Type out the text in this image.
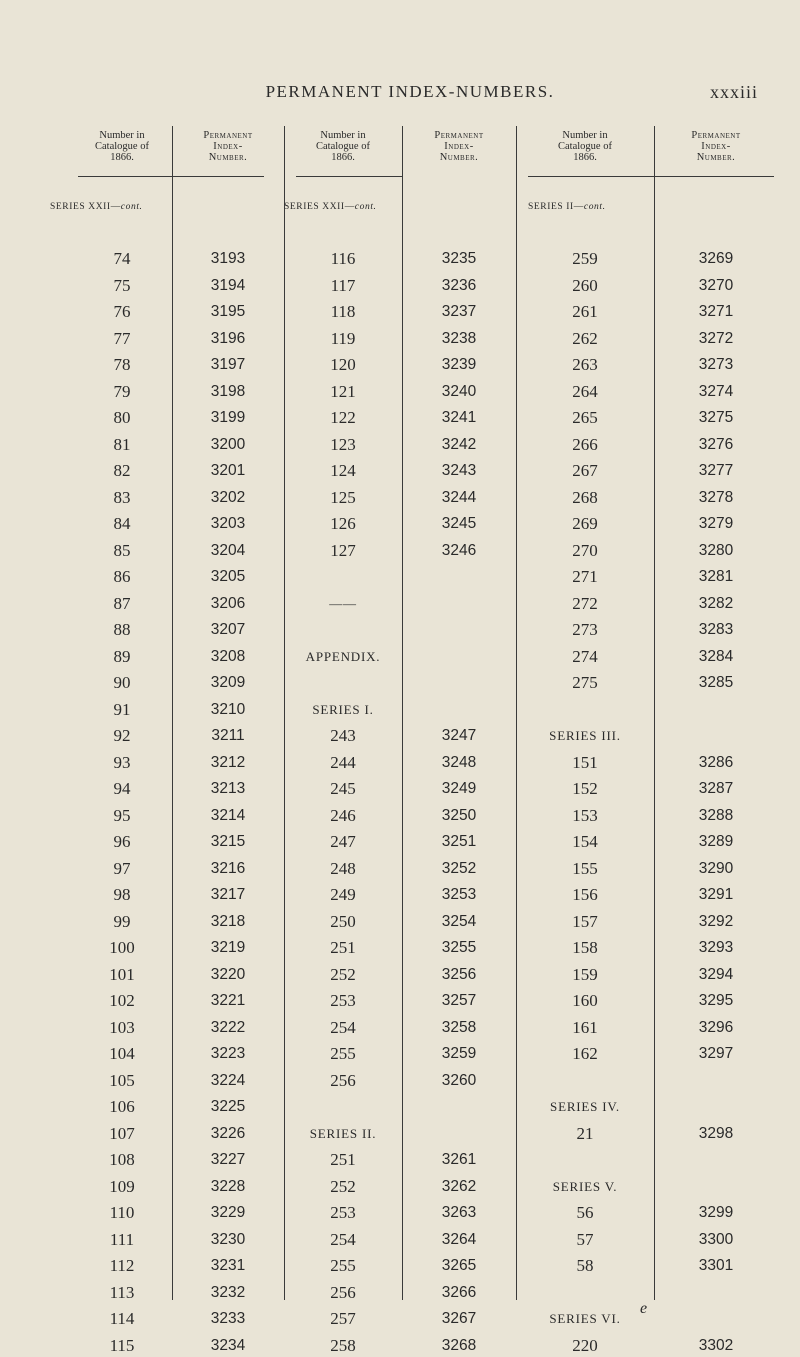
PERMANENT INDEX-NUMBERS.	xxxiii
Number in
Catalogue of
1866.
Permanent
Index-
Number.
Number in
Catalogue of
1866.
Permanent
Index-
Number.
Number in
Catalogue of
1866.
Permanent
Index-
Number.
SERIES XXII—cont.	SERIES XXII—cont.	SERIES II—cont.
74	3193
75	3194
76	3195
77	3196
78	3197
79	3198
80	3199
81	3200
82	3201
83	3202
84	3203
85	3204
86	3205
87	3206
88	3207
89	3208
90	3209
91	3210
92	3211
93	3212
94	3213
95	3214
96	3215
97	3216
98	3217
99	3218
100	3219
101	3220
102	3221
103	3222
104	3223
105	3224
106	3225
107	3226
108	3227
109	3228
110	3229
111	3230
112	3231
113	3232
114	3233
115	3234
116	3235
117	3236
118	3237
119	3238
120	3239
121	3240
122	3241
123	3242
124	3243
125	3244
126	3245
127	3246
——
APPENDIX.
SERIES I.
243	3247
244	3248
245	3249
246	3250
247	3251
248	3252
249	3253
250	3254
251	3255
252	3256
253	3257
254	3258
255	3259
256	3260
SERIES II.
251	3261
252	3262
253	3263
254	3264
255	3265
256	3266
257	3267
258	3268
259	3269
260	3270
261	3271
262	3272
263	3273
264	3274
265	3275
266	3276
267	3277
268	3278
269	3279
270	3280
271	3281
272	3282
273	3283
274	3284
275	3285
SERIES III.
151	3286
152	3287
153	3288
154	3289
155	3290
156	3291
157	3292
158	3293
159	3294
160	3295
161	3296
162	3297
SERIES IV.
21	3298
SERIES V.
56	3299
57	3300
58	3301
SERIES VI.
220	3302
e
